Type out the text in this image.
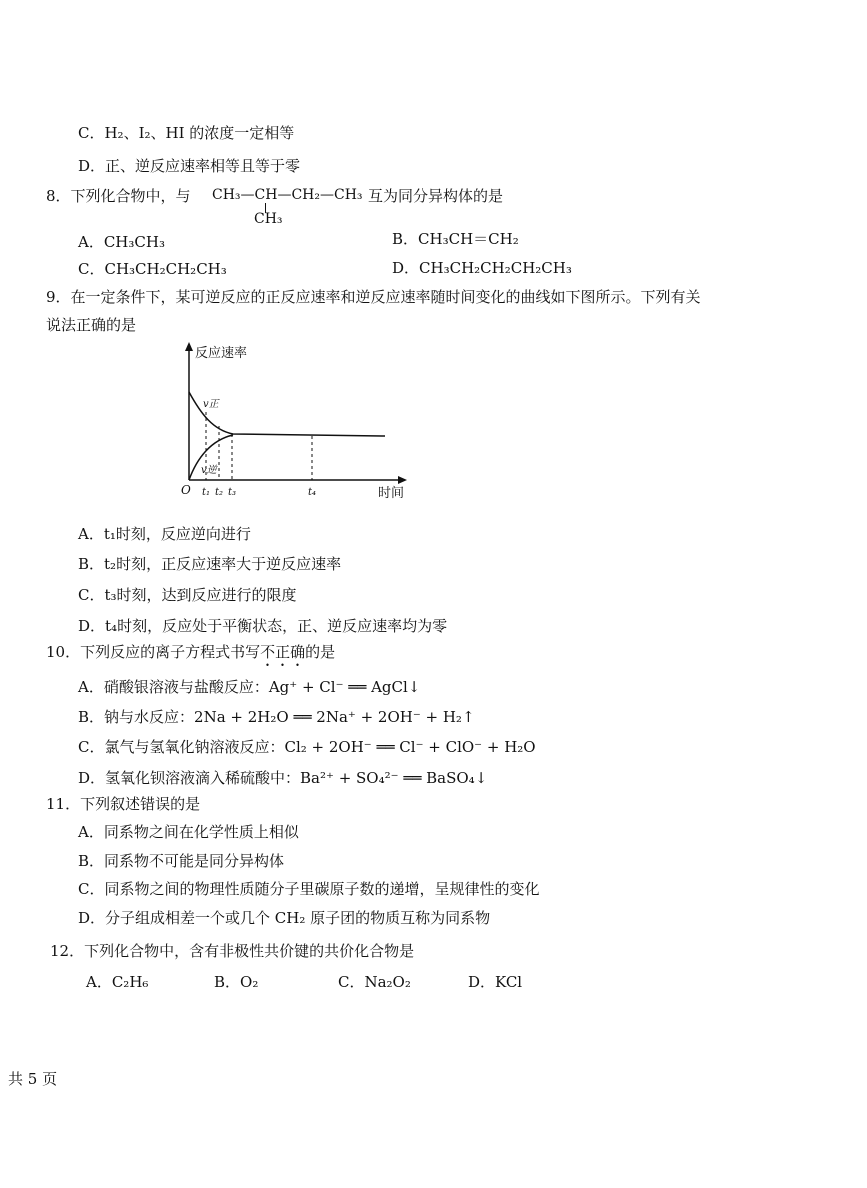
C．H₂、I₂、HI 的浓度一定相等
D．正、逆反应速率相等且等于零
8．下列化合物中，与 CH₃—CH—CH₂—CH₃
CH₃
互为同分异构体的是
A．CH₃CH₃	B．CH₃CH＝CH₂
C．CH₃CH₂CH₂CH₃	D．CH₃CH₂CH₂CH₂CH₃
9．在一定条件下，某可逆反应的正反应速率和逆反应速率随时间变化的曲线如下图所示。下列有关
说法正确的是
反应速率
时间
O
v正
v逆
t₁ t₂ t₃	t₄
A．t₁时刻，反应逆向进行
B．t₂时刻，正反应速率大于逆反应速率
C．t₃时刻，达到反应进行的限度
D．t₄时刻，反应处于平衡状态，正、逆反应速率均为零
10．下列反应的离子方程式书写不正确的是
A．硝酸银溶液与盐酸反应：Ag⁺ + Cl⁻ ══ AgCl↓
B．钠与水反应：2Na + 2H₂O ══ 2Na⁺ + 2OH⁻ + H₂↑
C．氯气与氢氧化钠溶液反应：Cl₂ + 2OH⁻ ══ Cl⁻ + ClO⁻ + H₂O
D．氢氧化钡溶液滴入稀硫酸中：Ba²⁺ + SO₄²⁻ ══ BaSO₄↓
11．下列叙述错误的是
A．同系物之间在化学性质上相似
B．同系物不可能是同分异构体
C．同系物之间的物理性质随分子里碳原子数的递增，呈规律性的变化
D．分子组成相差一个或几个 CH₂ 原子团的物质互称为同系物
12．下列化合物中，含有非极性共价键的共价化合物是
A．C₂H₆	B．O₂	C．Na₂O₂	D．KCl
共 5 页
